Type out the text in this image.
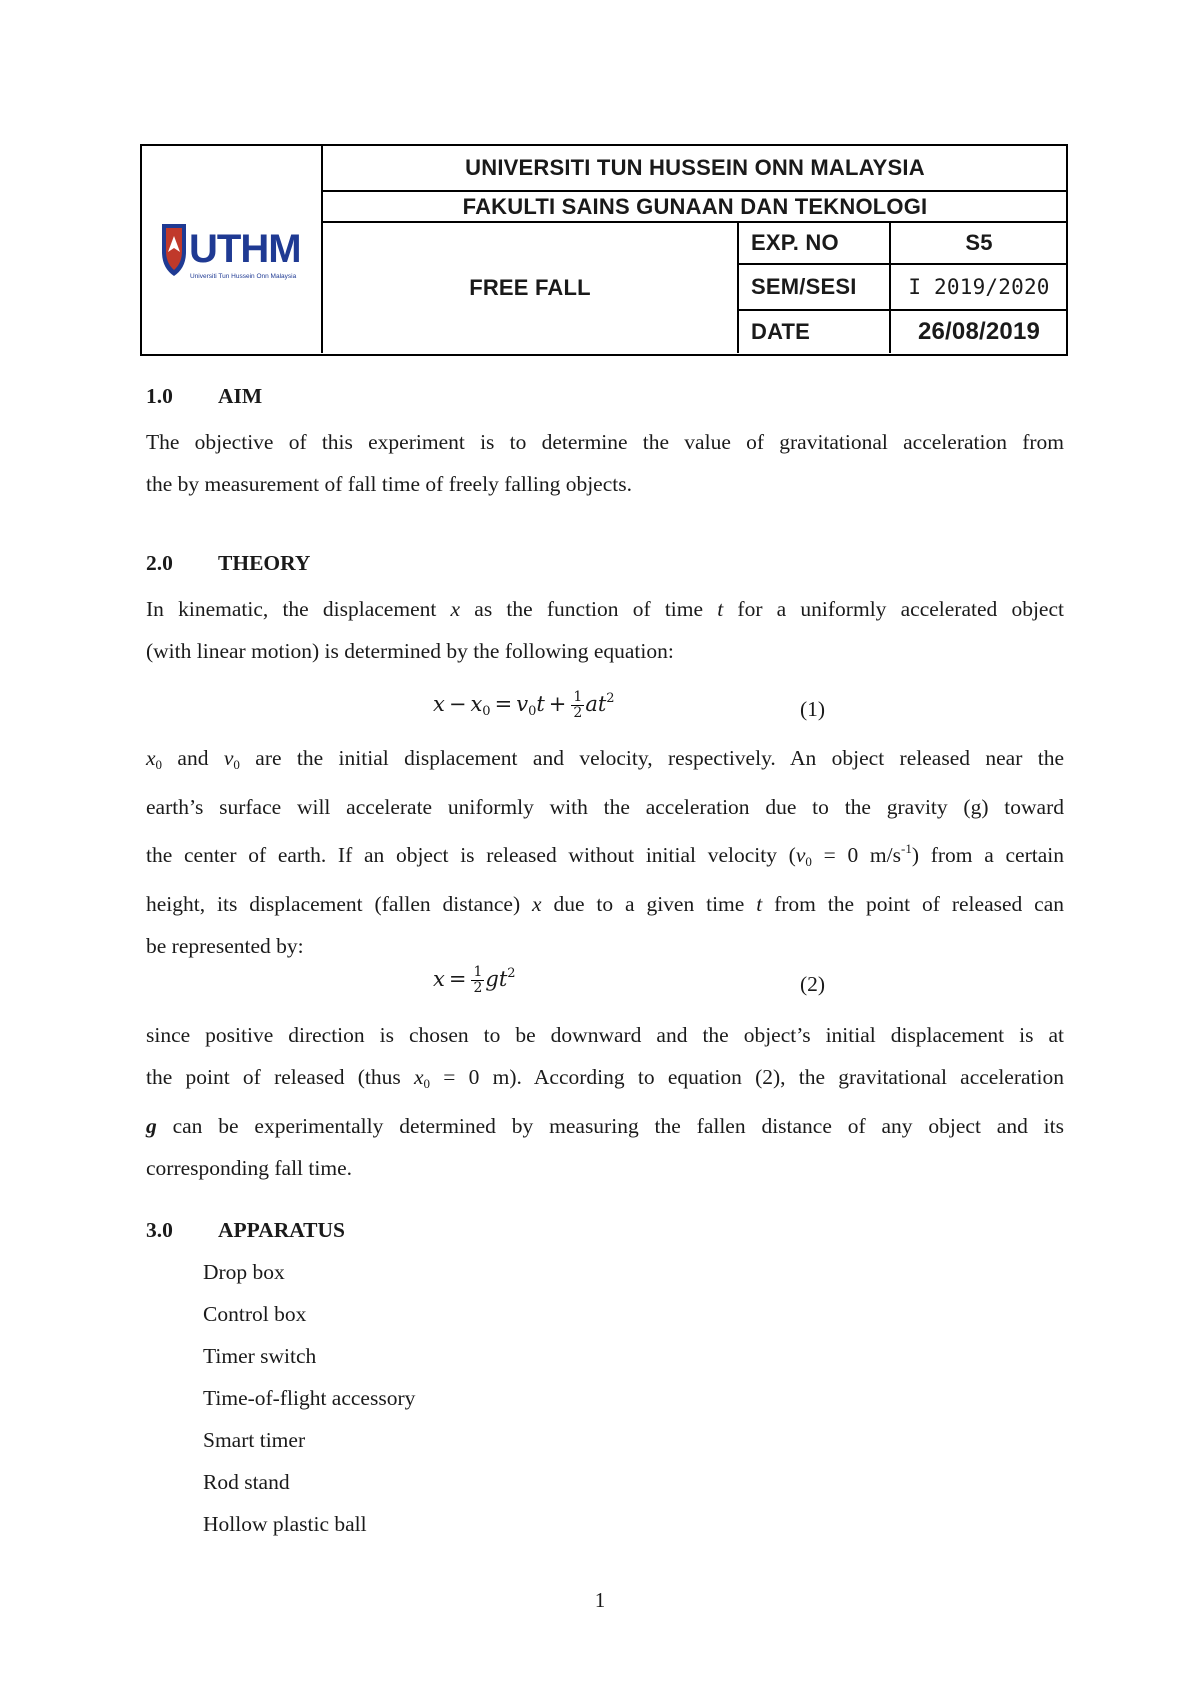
UTHM
Universiti Tun Hussein Onn Malaysia
UNIVERSITI TUN HUSSEIN ONN MALAYSIA
FAKULTI SAINS GUNAAN DAN TEKNOLOGI
FREE FALL
EXP. NO	S5
SEM/SESI	I 2019/2020
DATE	26/08/2019
1.0 AIM
The objective of this experiment is to determine the value of gravitational acceleration from
the by measurement of fall time of freely falling objects.
2.0 THEORY
In kinematic, the displacement x as the function of time t for a uniformly accelerated object
(with linear motion) is determined by the following equation:
$x - x_0 = v_0t + \frac{1}{2} at^2$	(1)
$x_0$ and $v_0$ are the initial displacement and velocity, respectively. An object released near the
earth’s surface will accelerate uniformly with the acceleration due to the gravity (g) toward
the center of earth. If an object is released without initial velocity ($v_0 = 0$ $m/s^{-1}$) from a certain
height, its displacement (fallen distance) x due to a given time t from the point of released can
be represented by:
$x = \frac{1}{2} gt^2$	(2)
since positive direction is chosen to be downward and the object’s initial displacement is at
the point of released (thus $x_0 = 0$ m). According to equation (2), the gravitational acceleration
g can be experimentally determined by measuring the fallen distance of any object and its
corresponding fall time.
3.0 APPARATUS
Drop box
Control box
Timer switch
Time-of-flight accessory
Smart timer
Rod stand
Hollow plastic ball
1
